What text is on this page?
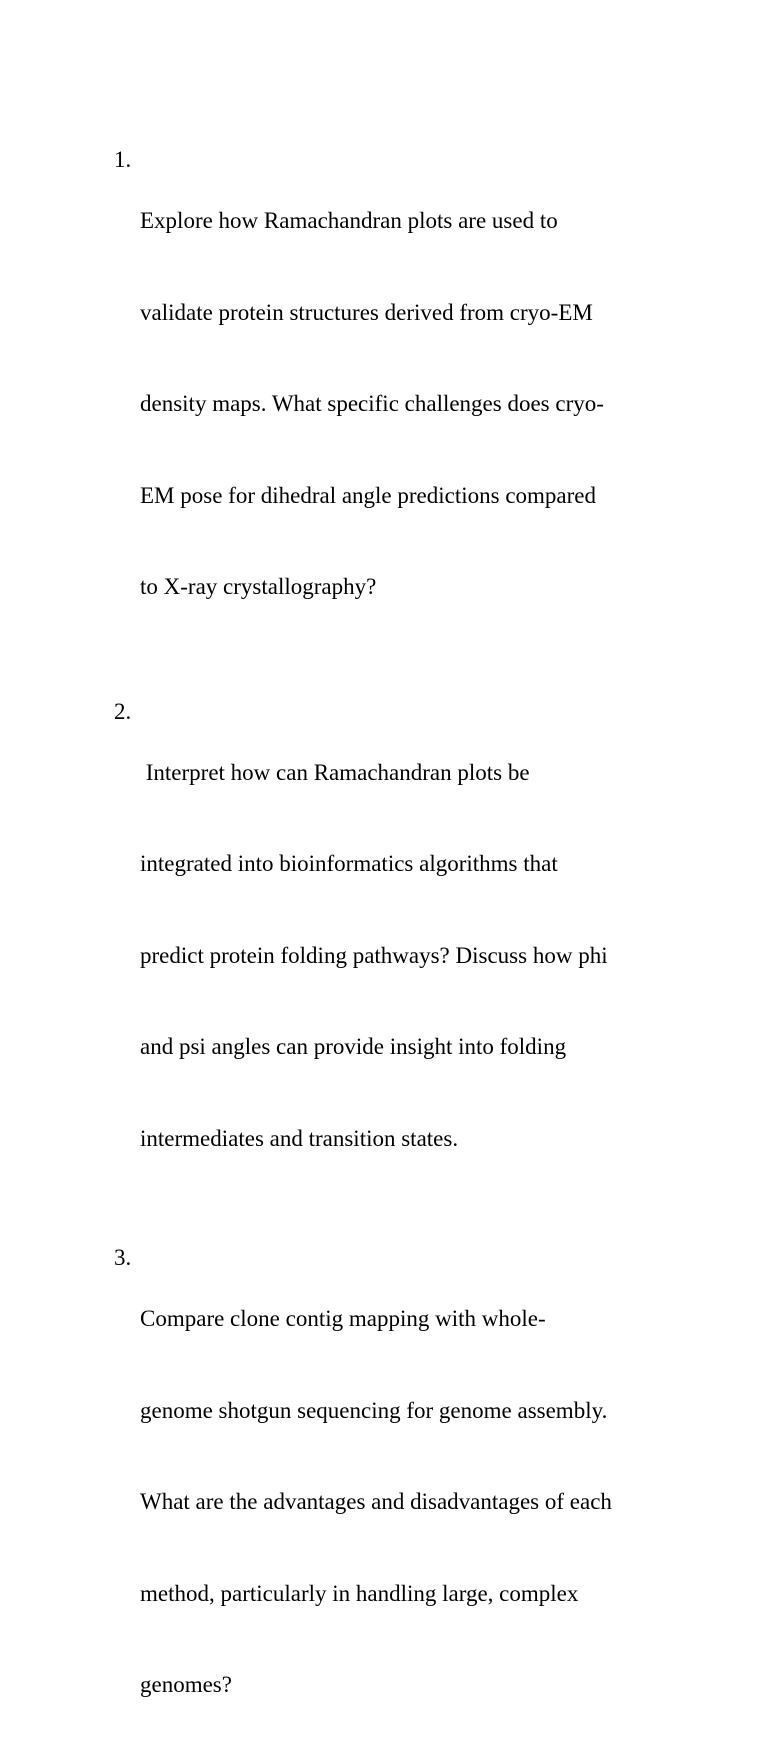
1.

Explore how Ramachandran plots are used to

validate protein structures derived from cryo-EM

density maps. What specific challenges does cryo-

EM pose for dihedral angle predictions compared

to X-ray crystallography?

2.

Interpret how can Ramachandran plots be

integrated into bioinformatics algorithms that

predict protein folding pathways? Discuss how phi

and psi angles can provide insight into folding

intermediates and transition states.

3.

Compare clone contig mapping with whole-

genome shotgun sequencing for genome assembly.

What are the advantages and disadvantages of each

method, particularly in handling large, complex

genomes?
